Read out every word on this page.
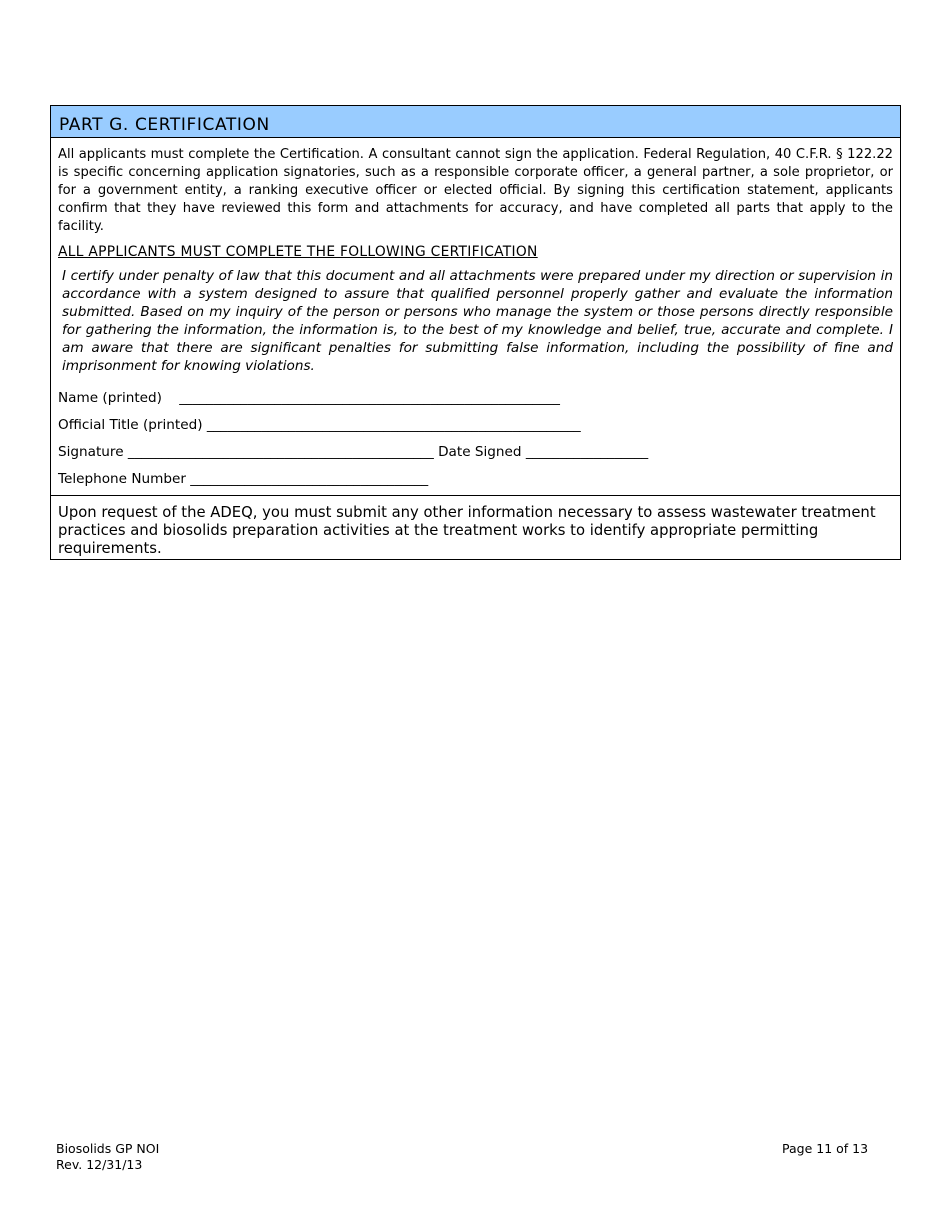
PART G. CERTIFICATION

All applicants must complete the Certification. A consultant cannot sign the application. Federal Regulation, 40 C.F.R. § 122.22 is specific concerning application signatories, such as a responsible corporate officer, a general partner, a sole proprietor, or for a government entity, a ranking executive officer or elected official. By signing this certification statement, applicants confirm that they have reviewed this form and attachments for accuracy, and have completed all parts that apply to the facility.

ALL APPLICANTS MUST COMPLETE THE FOLLOWING CERTIFICATION

I certify under penalty of law that this document and all attachments were prepared under my direction or supervision in accordance with a system designed to assure that qualified personnel properly gather and evaluate the information submitted. Based on my inquiry of the person or persons who manage the system or those persons directly responsible for gathering the information, the information is, to the best of my knowledge and belief, true, accurate and complete. I am aware that there are significant penalties for submitting false information, including the possibility of fine and imprisonment for knowing violations.

Name (printed)    ________________________________________________________
Official Title (printed) _______________________________________________________
Signature _____________________________________________ Date Signed __________________
Telephone Number ___________________________________
Upon request of the ADEQ, you must submit any other information necessary to assess wastewater treatment practices and biosolids preparation activities at the treatment works to identify appropriate permitting requirements.
Biosolids GP NOI
Rev. 12/31/13
Page 11 of 13
